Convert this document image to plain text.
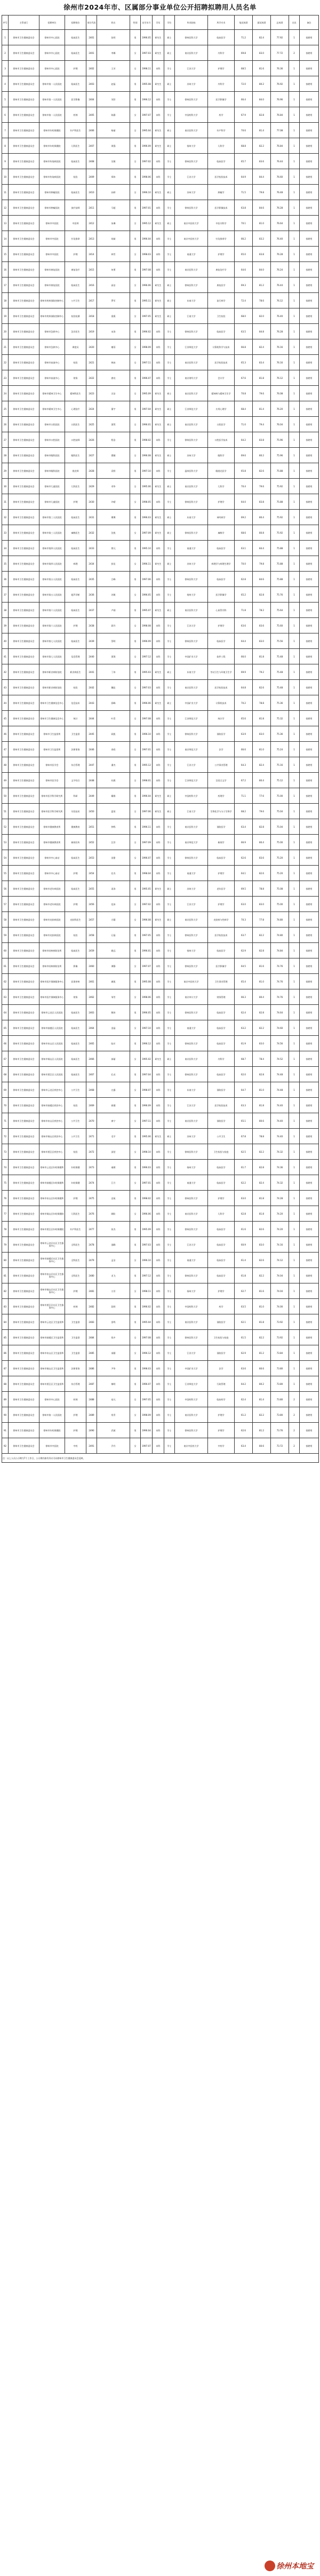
徐州市2024年市、区属部分事业单位公开招聘拟聘用人员名单
序号	主管部门	招聘单位	招聘岗位	岗位代码	姓名	性别	出生年月	学历	学位	毕业院校	所学专业	笔试成绩	面试成绩	总成绩	名次	备注
1	徐州市卫生健康委员会	徐州市中心医院	临床医生	2401	张明	男	1996.05	研究生	硕士	徐州医科大学	临床医学	71.2	82.4	77.92	1	拟聘用
2	徐州市卫生健康委员会	徐州市中心医院	临床医生	2401	李娜	女	1997.03	研究生	硕士	南京医科大学	内科学	69.8	83.0	77.72	2	拟聘用
3	徐州市卫生健康委员会	徐州市中心医院	护理	2402	王芳	女	1998.11	本科	学士	江苏大学	护理学	68.5	81.6	76.36	1	拟聘用
4	徐州市卫生健康委员会	徐州市第一人民医院	临床医生	2403	赵磊	男	1995.08	研究生	硕士	苏州大学	外科学	72.0	80.2	76.92	1	拟聘用
5	徐州市卫生健康委员会	徐州市第一人民医院	医学影像	2404	刘洋	男	1996.12	本科	学士	徐州医科大学	医学影像学	66.4	84.0	76.96	1	拟聘用
6	徐州市卫生健康委员会	徐州市第一人民医院	药剂	2405	陈静	女	1997.07	本科	学士	中国药科大学	药学	67.9	82.8	76.84	1	拟聘用
7	徐州市卫生健康委员会	徐州市妇幼保健院	妇产科医生	2406	杨丽	女	1995.04	研究生	硕士	南京医科大学	妇产科学	70.6	81.4	77.08	1	拟聘用
8	徐州市卫生健康委员会	徐州市妇幼保健院	儿科医生	2407	周强	男	1996.09	研究生	硕士	扬州大学	儿科学	68.8	82.2	76.84	1	拟聘用
9	徐州市卫生健康委员会	徐州市传染病医院	临床医生	2408	吴敏	女	1997.02	本科	学士	徐州医科大学	临床医学	65.7	83.6	76.44	1	拟聘用
10	徐州市卫生健康委员会	徐州市传染病医院	检验	2409	郑伟	男	1998.06	本科	学士	江苏大学	医学检验技术	64.9	84.4	76.60	1	拟聘用
11	徐州市卫生健康委员会	徐州市肿瘤医院	临床医生	2410	孙婷	女	1996.10	研究生	硕士	苏州大学	肿瘤学	71.5	79.8	76.48	1	拟聘用
12	徐州市卫生健康委员会	徐州市肿瘤医院	放疗技师	2411	马超	男	1997.01	本科	学士	徐州医科大学	医学影像技术	63.8	84.6	76.28	1	拟聘用
13	徐州市卫生健康委员会	徐州市中医院	中医师	2412	朱琳	女	1995.12	研究生	硕士	南京中医药大学	中医内科学	70.1	81.0	76.64	1	拟聘用
14	徐州市卫生健康委员会	徐州市中医院	针灸推拿	2413	胡斌	男	1996.04	本科	学士	南京中医药大学	针灸推拿学	66.2	83.2	76.40	1	拟聘用
15	徐州市卫生健康委员会	徐州市中医院	护理	2414	林雪	女	1998.03	本科	学士	南通大学	护理学	65.0	83.8	76.28	1	拟聘用
16	徐州市卫生健康委员会	徐州市康复医院	康复治疗	2415	何勇	男	1997.08	本科	学士	南京医科大学	康复治疗学	64.6	84.0	76.24	1	拟聘用
17	徐州市卫生健康委员会	徐州市康复医院	临床医生	2416	高洁	女	1996.06	研究生	硕士	徐州医科大学	康复医学	69.3	81.2	76.44	1	拟聘用
18	徐州市卫生健康委员会	徐州市疾病预防控制中心	公共卫生	2417	罗军	男	1995.11	研究生	硕士	东南大学	流行病学	72.4	78.6	76.12	1	拟聘用
19	徐州市卫生健康委员会	徐州市疾病预防控制中心	检验检测	2418	梁燕	女	1997.05	研究生	硕士	江南大学	卫生检验	68.0	82.0	76.40	1	拟聘用
20	徐州市卫生健康委员会	徐州市急救中心	急诊医生	2419	宋涛	男	1996.02	本科	学士	徐州医科大学	临床医学	63.5	84.8	76.28	1	拟聘用
21	徐州市卫生健康委员会	徐州市急救中心	调度员	2420	谢蓉	女	1998.09	本科	学士	江苏师范大学	计算机科学与技术	66.8	82.4	76.16	1	拟聘用
22	徐州市卫生健康委员会	徐州市血液中心	检验	2421	韩冰	女	1997.11	本科	学士	南京医科大学	医学检验技术	65.3	83.4	76.16	1	拟聘用
23	徐州市卫生健康委员会	徐州市血液中心	财务	2422	唐亮	男	1996.07	本科	学士	南京财经大学	会计学	67.6	81.8	76.12	1	拟聘用
24	徐州市卫生健康委员会	徐州市精神卫生中心	精神科医生	2423	冯洁	女	1995.09	研究生	硕士	南京医科大学	精神病与精神卫生学	70.8	79.6	76.08	1	拟聘用
25	徐州市卫生健康委员会	徐州市精神卫生中心	心理治疗	2424	董宇	男	1997.04	研究生	硕士	江苏师范大学	应用心理学	68.4	81.4	76.20	1	拟聘用
26	徐州市卫生健康委员会	徐州市口腔医院	口腔医生	2425	萧然	女	1996.01	研究生	硕士	南京医科大学	口腔医学	71.0	79.4	76.04	1	拟聘用
27	徐州市卫生健康委员会	徐州市口腔医院	口腔技师	2426	程浩	男	1998.02	本科	学士	徐州医科大学	口腔医学技术	64.2	83.8	75.96	1	拟聘用
28	徐州市卫生健康委员会	徐州市眼科医院	眼科医生	2427	曹颖	女	1996.08	研究生	硕士	苏州大学	眼科学	69.6	80.2	75.96	1	拟聘用
29	徐州市卫生健康委员会	徐州市眼科医院	视光师	2428	袁野	男	1997.10	本科	学士	温州医科大学	眼视光医学	65.8	82.6	75.88	1	拟聘用
30	徐州市卫生健康委员会	徐州市儿童医院	儿科医生	2429	邓华	女	1995.06	研究生	硕士	南京医科大学	儿科学	70.4	79.6	75.92	1	拟聘用
31	徐州市卫生健康委员会	徐州市儿童医院	护理	2430	许晴	女	1998.05	本科	学士	徐州医科大学	护理学	64.0	83.8	75.88	1	拟聘用
32	徐州市卫生健康委员会	徐州市第三人民医院	临床医生	2431	傅博	男	1996.03	研究生	硕士	东南大学	神经病学	69.2	80.4	75.92	1	拟聘用
33	徐州市卫生健康委员会	徐州市第三人民医院	麻醉医生	2432	沈悦	女	1997.09	研究生	硕士	徐州医科大学	麻醉学	68.6	80.8	75.92	1	拟聘用
34	徐州市卫生健康委员会	徐州市第四人民医院	临床医生	2433	曾凡	男	1995.10	本科	学士	南通大学	临床医学	63.1	84.4	75.88	1	拟聘用
35	徐州市卫生健康委员会	徐州市第四人民医院	病理	2434	彭佳	女	1996.11	研究生	硕士	苏州大学	病理学与病理生理学	70.0	79.8	75.88	1	拟聘用
36	徐州市卫生健康委员会	徐州市第五人民医院	临床医生	2435	吕峰	男	1997.06	本科	学士	徐州医科大学	临床医学	62.8	84.6	75.88	1	拟聘用
37	徐州市卫生健康委员会	徐州市第五人民医院	超声诊断	2436	苏敏	女	1996.05	本科	学士	扬州大学	医学影像学	65.2	82.8	75.76	1	拟聘用
38	徐州市卫生健康委员会	徐州市第六人民医院	临床医生	2437	卢刚	男	1995.07	研究生	硕士	南京医科大学	心血管内科	71.8	78.2	75.64	1	拟聘用
39	徐州市卫生健康委员会	徐州市第六人民医院	护理	2438	蒋丹	女	1998.08	本科	学士	江苏大学	护理学	63.6	83.6	75.60	1	拟聘用
40	徐州市卫生健康委员会	徐州市第七人民医院	临床医生	2439	蔡明	男	1996.09	本科	学士	徐州医科大学	临床医学	64.4	83.0	75.56	1	拟聘用
41	徐州市卫生健康委员会	徐州市第七人民医院	信息管理	2440	贾琪	女	1997.12	本科	学士	中国矿业大学	软件工程	66.0	81.8	75.48	1	拟聘用
42	徐州市卫生健康委员会	徐州市职业病防治院	职业病医生	2441	丁伟	男	1995.03	研究生	硕士	东南大学	劳动卫生与环境卫生学	69.9	79.2	75.48	1	拟聘用
43	徐州市卫生健康委员会	徐州市职业病防治院	检验	2442	魏佳	女	1997.03	本科	学士	南京医科大学	医学检验技术	64.8	82.6	75.48	1	拟聘用
44	徐州市卫生健康委员会	徐州市卫生健康信息中心	信息技术	2443	薛峰	男	1996.06	研究生	硕士	中国矿业大学	计算机技术	70.2	78.8	75.36	1	拟聘用
45	徐州市卫生健康委员会	徐州市卫生健康信息中心	统计	2444	叶青	女	1997.08	本科	学士	江苏师范大学	统计学	65.6	81.8	75.32	1	拟聘用
46	徐州市卫生健康委员会	徐州市卫生监督所	卫生监督	2445	阎凯	男	1996.10	本科	学士	徐州医科大学	预防医学	63.9	83.0	75.36	1	拟聘用
47	徐州市卫生健康委员会	徐州市卫生监督所	法律事务	2446	余欣	女	1997.01	本科	学士	南京师范大学	法学	66.6	81.0	75.24	1	拟聘用
48	徐州市卫生健康委员会	徐州市医学会	综合管理	2447	潘杰	男	1995.12	本科	学士	江苏大学	公共事业管理	64.3	82.4	75.16	1	拟聘用
49	徐州市卫生健康委员会	徐州市医学会	文字综合	2448	杜鹃	女	1998.01	本科	学士	江苏师范大学	汉语言文学	67.2	80.4	75.12	1	拟聘用
50	徐州市卫生健康委员会	徐州市医学科学研究所	科研	2449	戴维	男	1996.04	研究生	硕士	中国药科大学	药理学	71.1	77.6	75.00	1	拟聘用
51	徐州市卫生健康委员会	徐州市医学科学研究所	实验技术	2450	夏雨	女	1997.06	研究生	硕士	江南大学	生物化学与分子生物学	68.2	79.6	75.04	1	拟聘用
52	徐州市卫生健康委员会	徐州市健康教育所	健康教育	2451	钟鸣	男	1996.11	本科	学士	南京医科大学	预防医学	63.4	82.8	75.04	1	拟聘用
53	徐州市卫生健康委员会	徐州市健康教育所	新闻宣传	2452	汪洋	女	1997.09	本科	学士	南京师范大学	新闻学	66.9	80.4	75.00	1	拟聘用
54	徐州市卫生健康委员会	徐州市中心血站	临床医生	2453	田甜	女	1996.07	本科	学士	徐州医科大学	临床医学	62.6	83.6	75.20	1	拟聘用
55	徐州市卫生健康委员会	徐州市中心血站	护理	2454	任杰	男	1998.04	本科	学士	南通大学	护理学	64.1	82.6	75.20	1	拟聘用
56	徐州市卫生健康委员会	徐州市老年病医院	临床医生	2455	姜涛	男	1995.05	研究生	硕士	苏州大学	老年医学	69.5	78.8	75.08	1	拟聘用
57	徐州市卫生健康委员会	徐州市老年病医院	护理	2456	范冰	女	1997.02	本科	学士	江苏大学	护理学	63.0	83.0	75.00	1	拟聘用
58	徐州市卫生健康委员会	徐州市皮肤病医院	皮肤科医生	2457	方圆	女	1996.08	研究生	硕士	南京医科大学	皮肤病与性病学	70.3	77.8	74.80	1	拟聘用
59	徐州市卫生健康委员会	徐州市皮肤病医院	检验	2458	石磊	男	1997.05	本科	学士	徐州医科大学	医学检验技术	63.7	82.2	74.80	1	拟聘用
60	徐州市卫生健康委员会	徐州市结核病防治所	临床医生	2459	姚远	男	1996.01	本科	学士	扬州大学	临床医学	62.9	82.8	74.84	1	拟聘用
61	徐州市卫生健康委员会	徐州市结核病防治所	影像	2460	谭静	女	1997.07	本科	学士	徐州医科大学	医学影像学	64.5	81.6	74.76	1	拟聘用
62	徐州市卫生健康委员会	徐州市医疗保障服务中心	医保审核	2461	廖凯	男	1995.08	本科	学士	南京中医药大学	卫生事业管理	65.4	81.0	74.76	1	拟聘用
63	徐州市卫生健康委员会	徐州市医疗保障服务中心	财务	2462	邹雪	女	1998.06	本科	学士	南京审计大学	财务管理	66.3	80.4	74.76	1	拟聘用
64	徐州市卫生健康委员会	徐州市云龙区人民医院	临床医生	2463	熊伟	男	1996.05	本科	学士	徐州医科大学	临床医学	62.4	82.8	74.64	1	拟聘用
65	徐州市卫生健康委员会	徐州市鼓楼区人民医院	临床医生	2464	金晶	女	1997.10	本科	学士	南通大学	临床医学	63.2	82.2	74.60	1	拟聘用
66	徐州市卫生健康委员会	徐州市泉山区人民医院	临床医生	2465	陆川	男	1996.12	本科	学士	徐州医科大学	临床医学	61.9	83.0	74.56	1	拟聘用
67	徐州市卫生健康委员会	徐州市铜山区人民医院	临床医生	2466	郝丽	女	1995.02	研究生	硕士	南京医科大学	内科学	68.7	78.4	74.52	1	拟聘用
68	徐州市卫生健康委员会	徐州市贾汪区人民医院	临床医生	2467	孔亮	男	1997.04	本科	学士	徐州医科大学	临床医学	62.0	82.8	74.48	1	拟聘用
69	徐州市卫生健康委员会	徐州市云龙区疾控中心	公共卫生	2468	白露	女	1998.07	本科	学士	东南大学	预防医学	64.7	81.0	74.48	1	拟聘用
70	徐州市卫生健康委员会	徐州市鼓楼区疾控中心	检验	2469	崔健	男	1996.09	本科	学士	江苏大学	医学检验技术	63.3	81.8	74.40	1	拟聘用
71	徐州市卫生健康委员会	徐州市泉山区疾控中心	公共卫生	2470	康宁	女	1997.11	本科	学士	南京医科大学	预防医学	65.1	80.6	74.40	1	拟聘用
72	徐州市卫生健康委员会	徐州市铜山区疾控中心	公共卫生	2471	毛宇	男	1995.06	研究生	硕士	苏州大学	公共卫生	67.8	78.8	74.40	1	拟聘用
73	徐州市卫生健康委员会	徐州市贾汪区疾控中心	检验	2472	邱莹	女	1998.10	本科	学士	徐州医科大学	卫生检验与检疫	62.5	82.2	74.32	1	拟聘用
74	徐州市卫生健康委员会	徐州市云龙区妇幼保健所	妇幼保健	2473	秦朗	男	1996.03	本科	学士	扬州大学	临床医学	61.7	82.8	74.36	1	拟聘用
75	徐州市卫生健康委员会	徐州市鼓楼区妇幼保健所	妇幼保健	2474	江月	女	1997.01	本科	学士	南通大学	临床医学	62.2	82.4	74.32	1	拟聘用
76	徐州市卫生健康委员会	徐州市泉山区妇幼保健所	护理	2475	史航	男	1998.02	本科	学士	徐州医科大学	护理学	63.0	81.8	74.28	1	拟聘用
77	徐州市卫生健康委员会	徐州市铜山区妇幼保健院	儿科医生	2476	顾盼	女	1996.06	本科	学士	南京医科大学	儿科学	62.8	81.8	74.20	1	拟聘用
78	徐州市卫生健康委员会	徐州市贾汪区妇幼保健院	妇产科医生	2477	侯杰	男	1995.09	本科	学士	徐州医科大学	临床医学	61.6	82.6	74.20	1	拟聘用
79	徐州市卫生健康委员会	徐州市云龙区社区卫生服务中心	全科医生	2478	邵峰	男	1997.03	本科	学士	江苏大学	临床医学	60.9	83.0	74.16	1	拟聘用
80	徐州市卫生健康委员会	徐州市鼓楼区社区卫生服务中心	全科医生	2479	孟洁	女	1996.10	本科	学士	南通大学	临床医学	61.4	82.6	74.12	1	拟聘用
81	徐州市卫生健康委员会	徐州市泉山区社区卫生服务中心	全科医生	2480	龙飞	男	1997.12	本科	学士	徐州医科大学	临床医学	61.8	82.2	74.04	1	拟聘用
82	徐州市卫生健康委员会	徐州市铜山区社区卫生服务中心	护理	2481	万芳	女	1998.11	本科	学士	扬州大学	护理学	62.7	81.6	74.04	1	拟聘用
83	徐州市卫生健康委员会	徐州市贾汪区社区卫生服务中心	药剂	2482	段明	男	1996.02	本科	学士	中国药科大学	药学	63.5	81.0	74.00	1	拟聘用
84	徐州市卫生健康委员会	徐州市云龙区卫生监督所	卫生监督	2483	雷鸣	男	1995.04	本科	学士	南京医科大学	预防医学	62.1	81.8	73.92	1	拟聘用
85	徐州市卫生健康委员会	徐州市鼓楼区卫生监督所	卫生监督	2484	钱多	女	1997.08	本科	学士	徐州医科大学	卫生检验与检疫	61.5	82.2	73.92	1	拟聘用
86	徐州市卫生健康委员会	徐州市泉山区卫生监督所	卫生监督	2485	汤圆	女	1996.12	本科	学士	江苏大学	预防医学	62.9	81.2	73.84	1	拟聘用
87	徐州市卫生健康委员会	徐州市铜山区卫生监督所	法律事务	2486	尹华	男	1998.03	本科	学士	中国矿业大学	法学	63.6	80.6	73.80	1	拟聘用
88	徐州市卫生健康委员会	徐州市贾汪区卫生监督所	综合管理	2487	黎明	男	1996.07	本科	学士	江苏师范大学	行政管理	64.2	80.2	73.80	1	拟聘用
89	徐州市卫生健康委员会	徐州市中心医院	药剂	2488	易凡	女	1997.05	本科	学士	中国药科大学	临床药学	62.4	81.4	73.80	2	拟聘用
90	徐州市卫生健康委员会	徐州市第一人民医院	护理	2489	常青	女	1998.09	本科	学士	南京医科大学	护理学	61.2	82.2	73.80	2	拟聘用
91	徐州市卫生健康委员会	徐州市妇幼保健院	护理	2490	武斌	男	1996.04	本科	学士	徐州医科大学	护理学	62.6	81.2	73.76	2	拟聘用
92	徐州市卫生健康委员会	徐州市中医院	中药	2491	乔丹	女	1997.07	本科	学士	南京中医药大学	中药学	63.4	80.6	73.72	2	拟聘用
注：以上人员公示期为7个工作日，公示期内如有异议可向徐州市卫生健康委员会反映。																
徐州本地宝
